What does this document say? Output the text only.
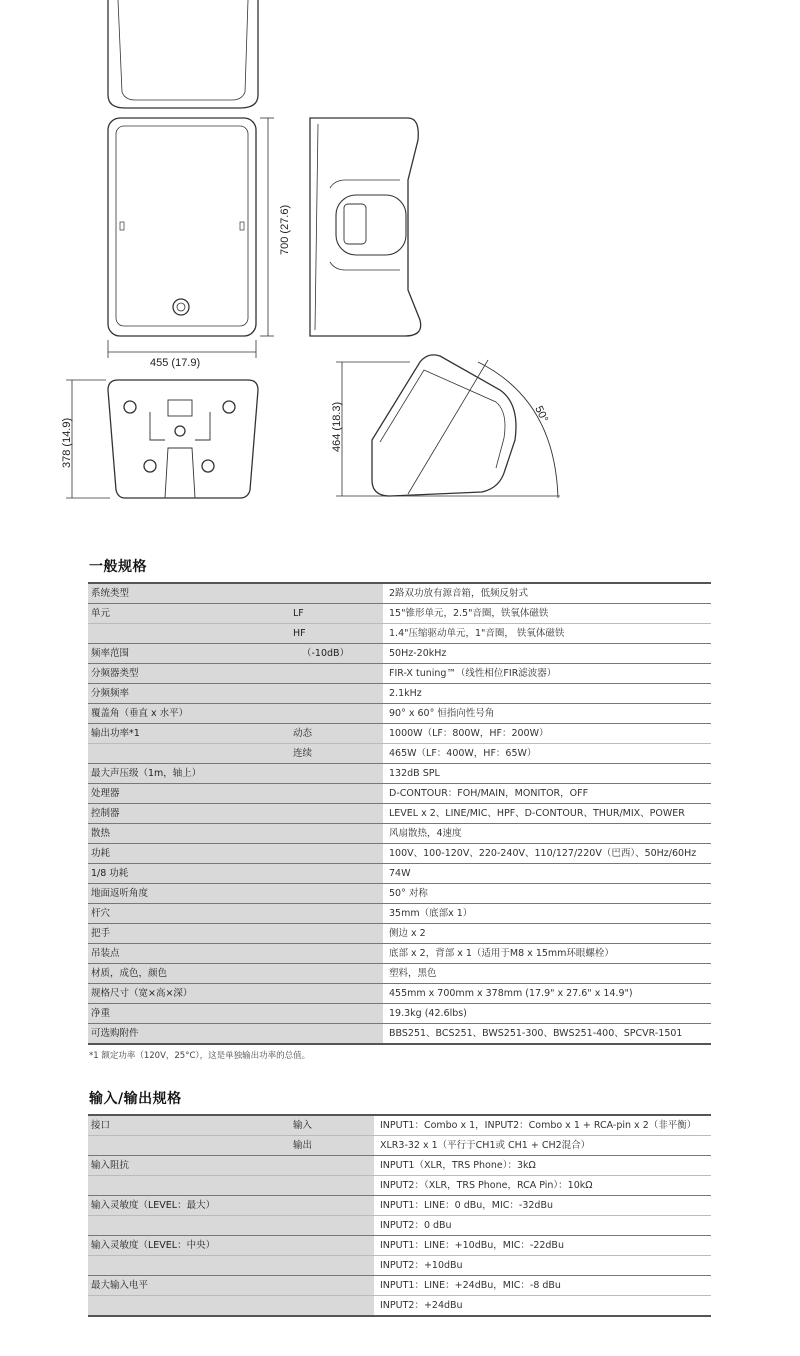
455 (17.9)
700 (27.6)
378 (14.9)	464 (18.3)	50°
一般规格
系统类型		2路双功放有源音箱，低频反射式
单元	LF	15"锥形单元，2.5"音圈，铁氧体磁铁
	HF	1.4"压缩驱动单元，1"音圈， 铁氧体磁铁
频率范围	（-10dB）	50Hz-20kHz
分频器类型		FIR-X tuning™（线性相位FIR滤波器）
分频频率		2.1kHz
覆盖角（垂直 x 水平）		90° x 60° 恒指向性号角
输出功率*1	动态	1000W（LF：800W，HF：200W）
	连续	465W（LF：400W，HF：65W）
最大声压级（1m，轴上）		132dB SPL
处理器		D-CONTOUR：FOH/MAIN，MONITOR，OFF
控制器		LEVEL x 2、LINE/MIC、HPF、D-CONTOUR、THUR/MIX、POWER
散热		风扇散热，4速度
功耗		100V、100-120V、220-240V、110/127/220V（巴西）、50Hz/60Hz
1/8 功耗		74W
地面返听角度		50° 对称
杆穴		35mm（底部x 1）
把手		侧边 x 2
吊装点		底部 x 2，背部 x 1（适用于M8 x 15mm环眼螺栓）
材质，成色，颜色		塑料，黑色
规格尺寸（宽×高×深）		455mm x 700mm x 378mm (17.9" x 27.6" x 14.9")
净重		19.3kg (42.6lbs)
可选购附件		BBS251、BCS251、BWS251-300、BWS251-400、SPCVR-1501
*1 额定功率（120V，25°C），这是单独输出功率的总值。
输入/输出规格
接口	输入	INPUT1：Combo x 1，INPUT2：Combo x 1 + RCA-pin x 2（非平衡）
	输出	XLR3-32 x 1（平行于CH1或 CH1 + CH2混合）
输入阻抗		INPUT1（XLR，TRS Phone）：3kΩ
		INPUT2：（XLR，TRS Phone，RCA Pin）：10kΩ
输入灵敏度（LEVEL：最大）		INPUT1：LINE：0 dBu，MIC：-32dBu
		INPUT2：0 dBu
输入灵敏度（LEVEL：中央）		INPUT1：LINE：+10dBu，MIC：-22dBu
		INPUT2：+10dBu
最大输入电平		INPUT1：LINE：+24dBu，MIC：-8 dBu
		INPUT2：+24dBu
